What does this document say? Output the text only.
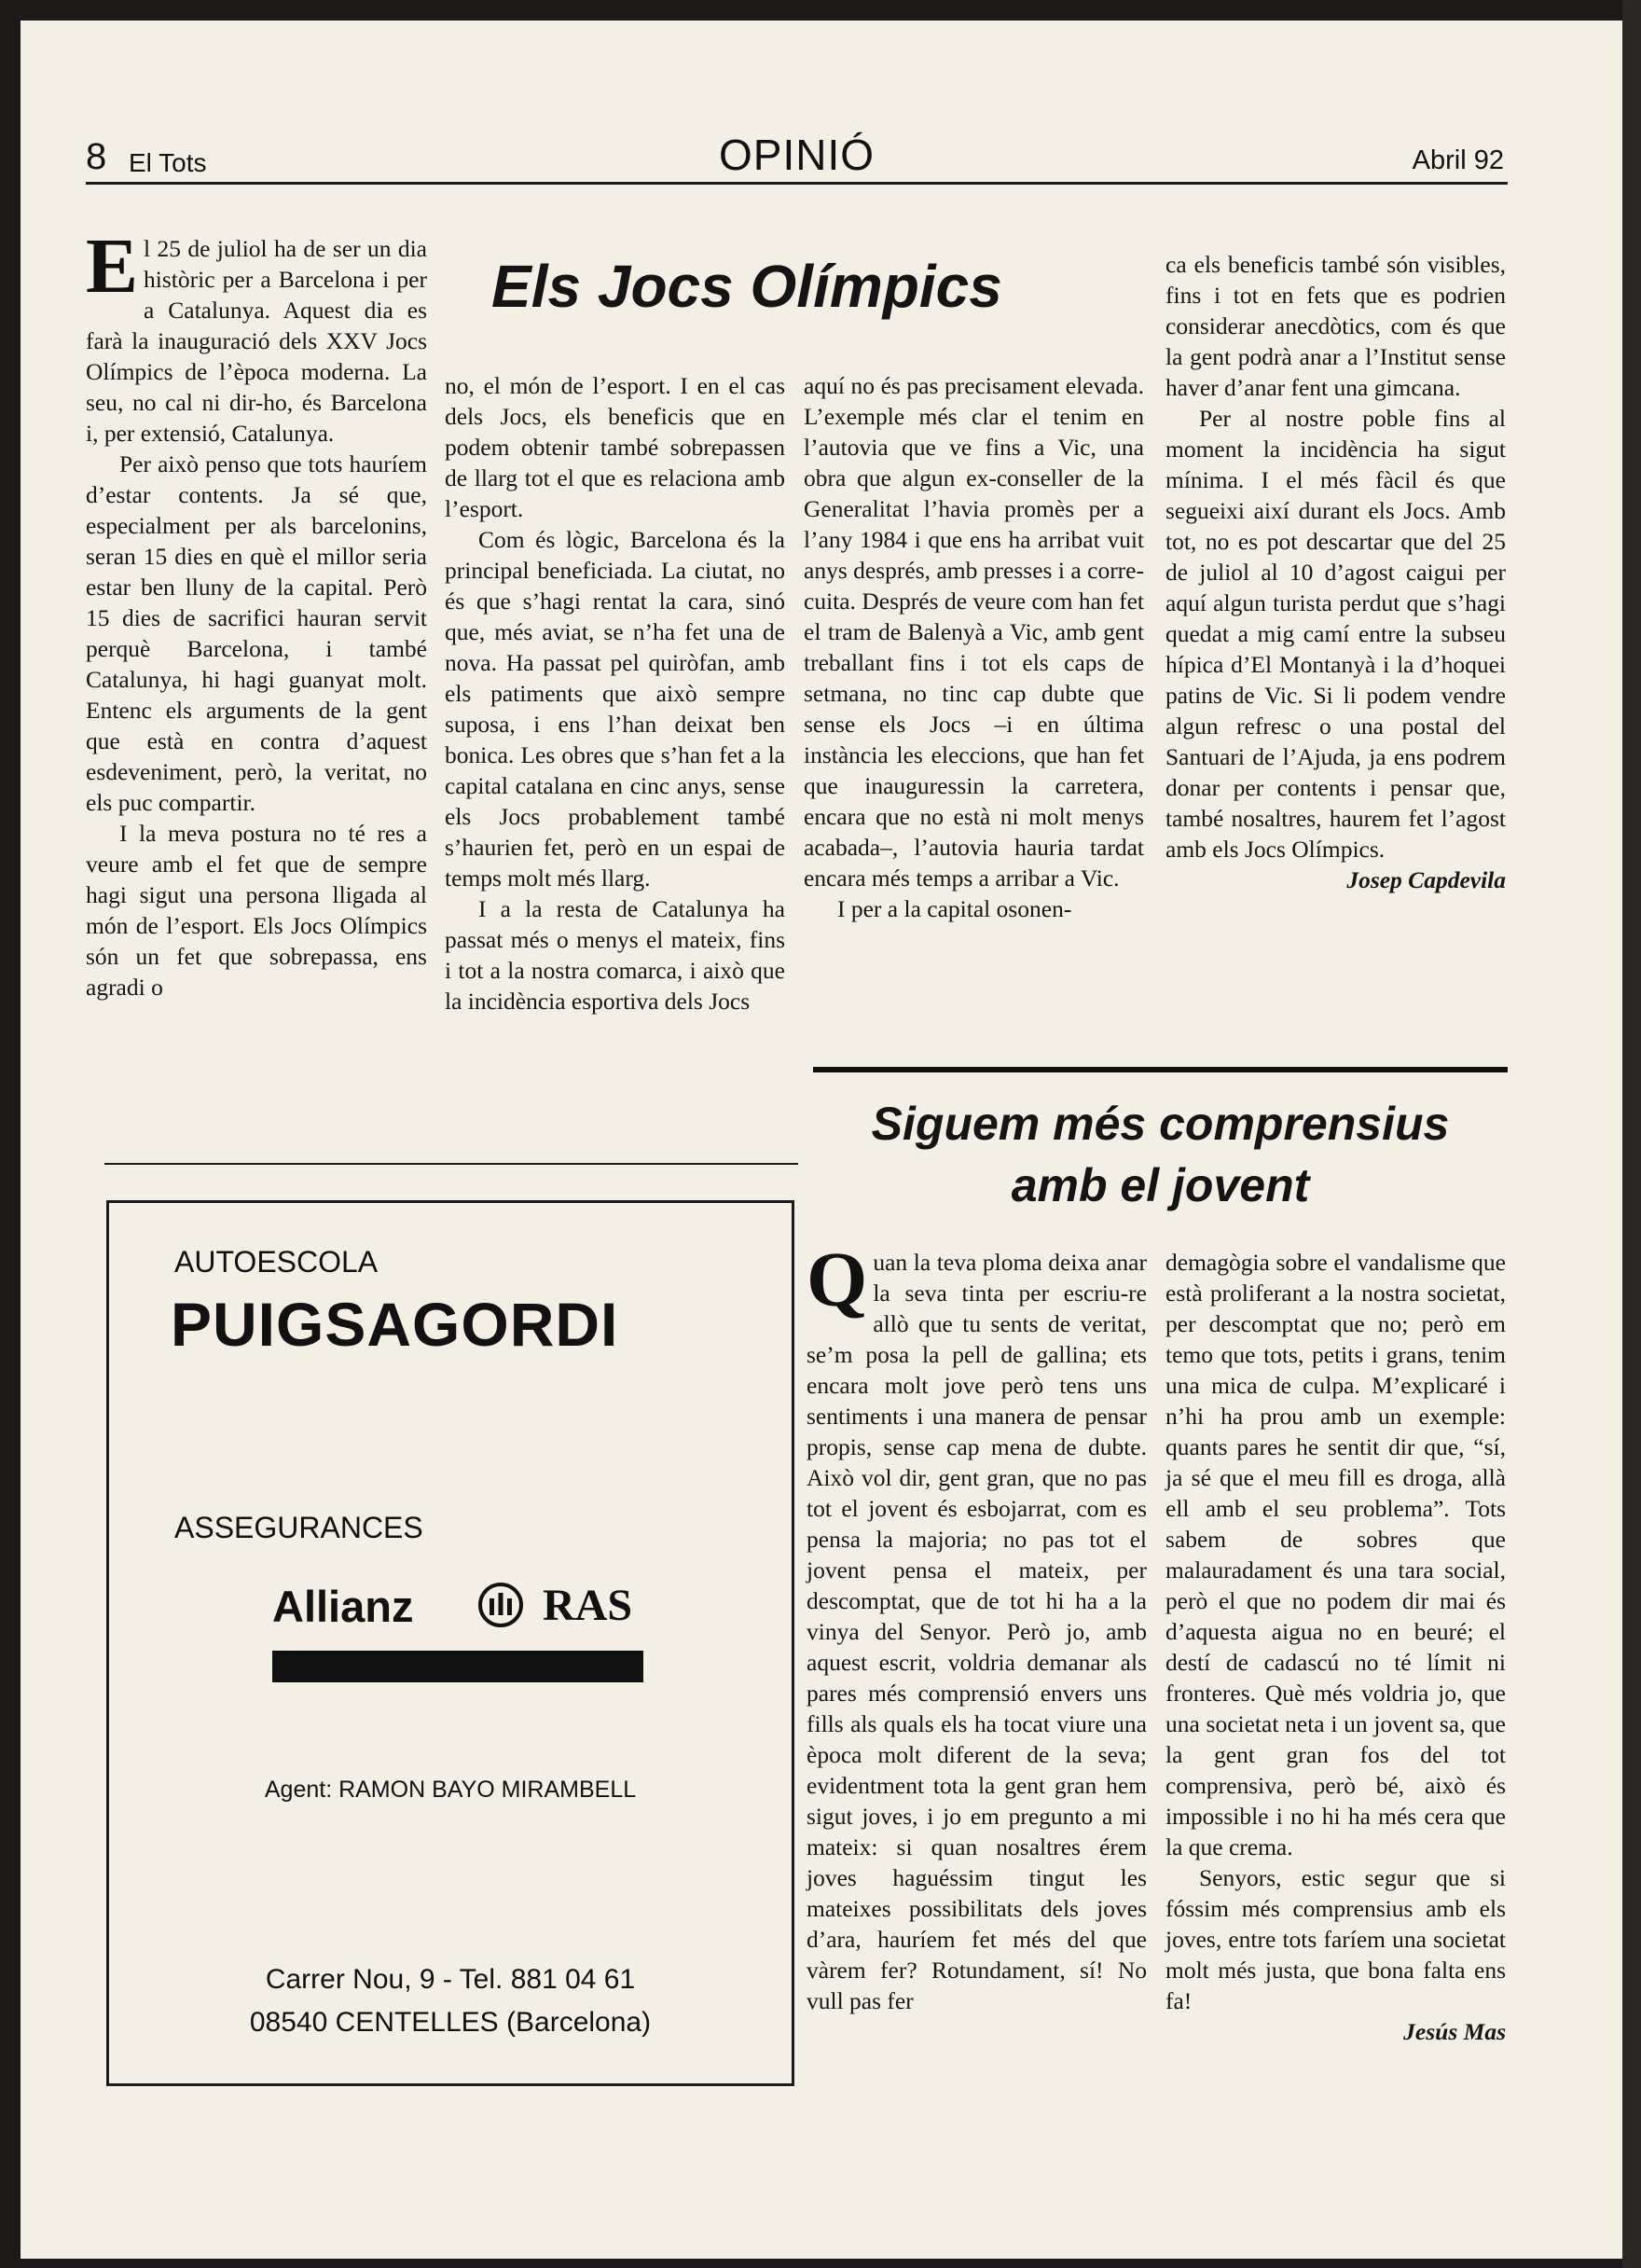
8 El Tots	OPINIÓ	Abril 92
Els Jocs Olímpics

El 25 de juliol ha de ser un dia històric per a Barcelona i per a Catalunya. Aquest dia es farà la inauguració dels XXV Jocs Olímpics de l’època moderna. La seu, no cal ni dir-ho, és Barcelona i, per extensió, Catalunya.

Per això penso que tots hauríem d’estar contents. Ja sé que, especialment per als barcelonins, seran 15 dies en què el millor seria estar ben lluny de la capital. Però 15 dies de sacrifici hauran servit perquè Barcelona, i també Catalunya, hi hagi guanyat molt. Entenc els arguments de la gent que està en contra d’aquest esdeveniment, però, la veritat, no els puc compartir.

I la meva postura no té res a veure amb el fet que de sempre hagi sigut una persona lligada al món de l’esport. Els Jocs Olímpics són un fet que sobrepassa, ens agradi o

no, el món de l’esport. I en el cas dels Jocs, els beneficis que en podem obtenir també sobrepassen de llarg tot el que es relaciona amb l’esport.

Com és lògic, Barcelona és la principal beneficiada. La ciutat, no és que s’hagi rentat la cara, sinó que, més aviat, se n’ha fet una de nova. Ha passat pel quiròfan, amb els patiments que això sempre suposa, i ens l’han deixat ben bonica. Les obres que s’han fet a la capital catalana en cinc anys, sense els Jocs probablement també s’haurien fet, però en un espai de temps molt més llarg.

I a la resta de Catalunya ha passat més o menys el mateix, fins i tot a la nostra comarca, i això que la incidència esportiva dels Jocs

aquí no és pas precisament elevada. L’exemple més clar el tenim en l’autovia que ve fins a Vic, una obra que algun ex-conseller de la Generalitat l’havia promès per a l’any 1984 i que ens ha arribat vuit anys després, amb presses i a corre-cuita. Després de veure com han fet el tram de Balenyà a Vic, amb gent treballant fins i tot els caps de setmana, no tinc cap dubte que sense els Jocs –i en última instància les eleccions, que han fet que inauguressin la carretera, encara que no està ni molt menys acabada–, l’autovia hauria tardat encara més temps a arribar a Vic.

I per a la capital osonen-

ca els beneficis també són visibles, fins i tot en fets que es podrien considerar anecdòtics, com és que la gent podrà anar a l’Institut sense haver d’anar fent una gimcana.

Per al nostre poble fins al moment la incidència ha sigut mínima. I el més fàcil és que segueixi així durant els Jocs. Amb tot, no es pot descartar que del 25 de juliol al 10 d’agost caigui per aquí algun turista perdut que s’hagi quedat a mig camí entre la subseu hípica d’El Montanyà i la d’hoquei patins de Vic. Si li podem vendre algun refresc o una postal del Santuari de l’Ajuda, ja ens podrem donar per contents i pensar que, també nosaltres, haurem fet l’agost amb els Jocs Olímpics.

Josep Capdevila

Siguem més comprensius
amb el jovent

Quan la teva ploma deixa anar la seva tinta per escriu-re allò que tu sents de veritat, se’m posa la pell de gallina; ets encara molt jove però tens uns sentiments i una manera de pensar propis, sense cap mena de dubte. Això vol dir, gent gran, que no pas tot el jovent és esbojarrat, com es pensa la majoria; no pas tot el jovent pensa el mateix, per descomptat, que de tot hi ha a la vinya del Senyor. Però jo, amb aquest escrit, voldria demanar als pares més comprensió envers uns fills als quals els ha tocat viure una època molt diferent de la seva; evidentment tota la gent gran hem sigut joves, i jo em pregunto a mi mateix: si quan nosaltres érem joves haguéssim tingut les mateixes possibilitats dels joves d’ara, hauríem fet més del que vàrem fer? Rotundament, sí! No vull pas fer

demagògia sobre el vandalisme que està proliferant a la nostra societat, per descomptat que no; però em temo que tots, petits i grans, tenim una mica de culpa. M’explicaré i n’hi ha prou amb un exemple: quants pares he sentit dir que, “sí, ja sé que el meu fill es droga, allà ell amb el seu problema”. Tots sabem de sobres que malauradament és una tara social, però el que no podem dir mai és d’aquesta aigua no en beuré; el destí de cadascú no té límit ni fronteres. Què més voldria jo, que una societat neta i un jovent sa, que la gent gran fos del tot comprensiva, però bé, això és impossible i no hi ha més cera que la que crema.

Senyors, estic segur que si fóssim més comprensius amb els joves, entre tots faríem una societat molt més justa, que bona falta ens fa!

Jesús Mas

AUTOESCOLA
PUIGSAGORDI
ASSEGURANCES
Allianz	RAS
Agent: RAMON BAYO MIRAMBELL
Carrer Nou, 9 - Tel. 881 04 61
08540 CENTELLES (Barcelona)
